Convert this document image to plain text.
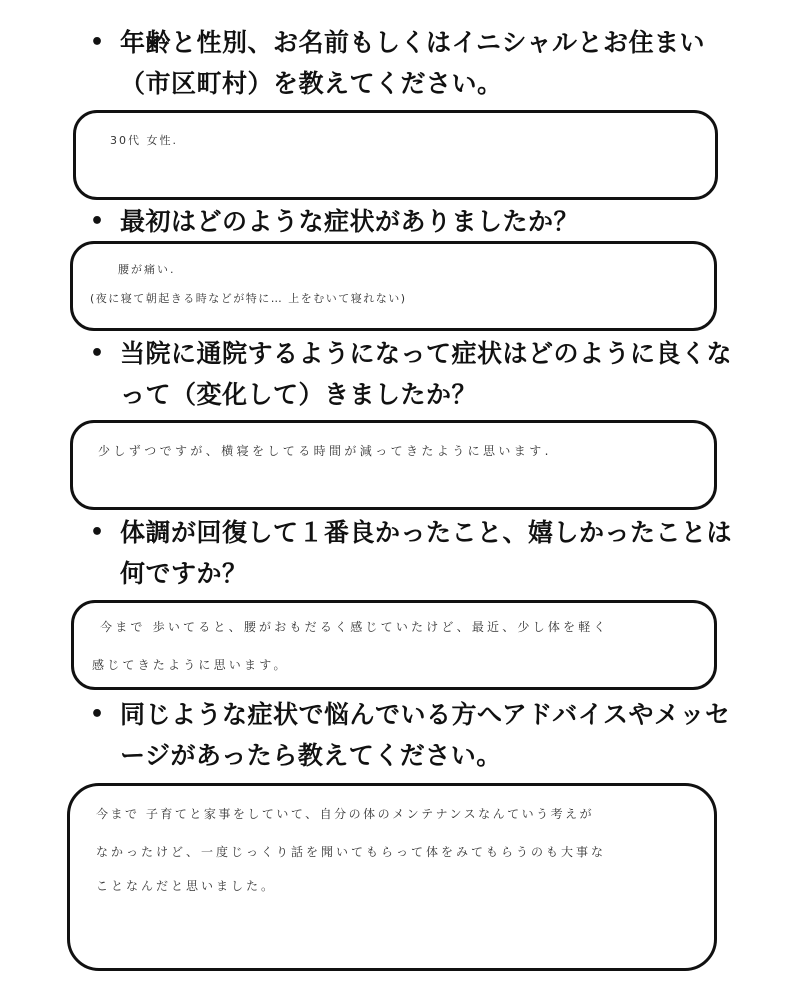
• 年齢と性別、お名前もしくはイニシャルとお住まい
（市区町村）を教えてください。
30代 女性.
• 最初はどのような症状がありましたか？
腰が痛い.
(夜に寝て朝起きる時などが特に… 上をむいて寝れない)
• 当院に通院するようになって症状はどのように良くな
って（変化して）きましたか？
少しずつですが、横寝をしてる時間が減ってきたように思います.
• 体調が回復して１番良かったこと、嬉しかったことは
何ですか？
今まで 歩いてると、腰がおもだるく感じていたけど、最近、少し体を軽く
感じてきたように思います。
• 同じような症状で悩んでいる方へアドバイスやメッセ
ージがあったら教えてください。
今まで 子育てと家事をしていて、自分の体のメンテナンスなんていう考えが
なかったけど、一度じっくり話を聞いてもらって体をみてもらうのも大事な
ことなんだと思いました。
